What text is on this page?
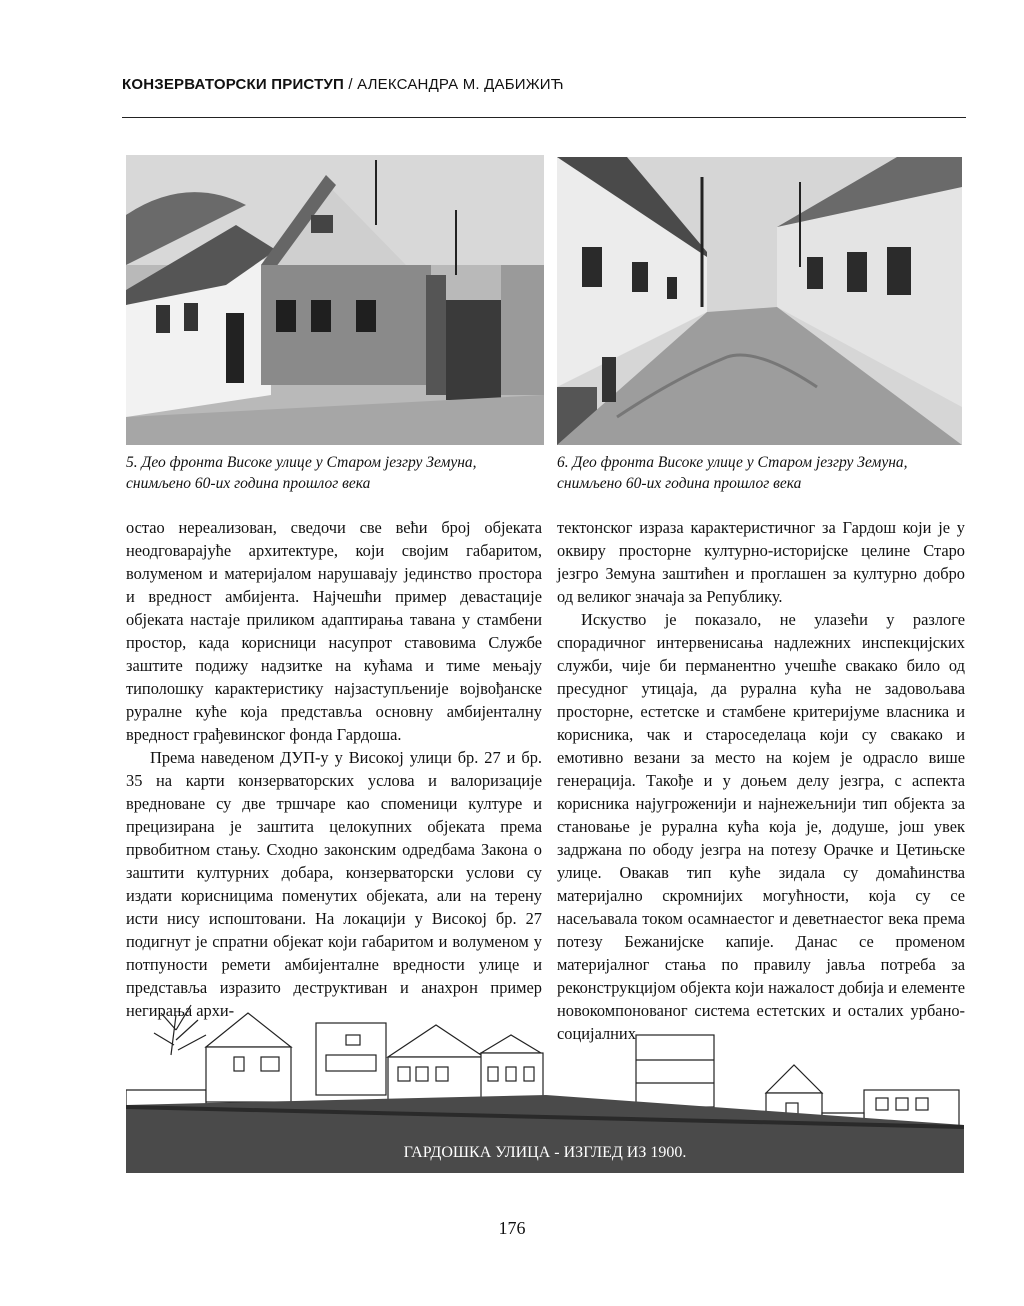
КОНЗЕРВАТОРСКИ ПРИСТУП / АЛЕКСАНДРА М. ДАБИЖИЋ
5. Део фронта Високе улице у Старом језгру Земуна,
снимљено 60-их година прошлог века
6. Део фронта Високе улице у Старом језгру Земуна,
снимљено 60-их година прошлог века

остао нереализован, сведочи све већи број објеката неодговарајуће архитектуре, који својим габаритом, волуменом и материјалом нарушавају јединство простора и вредност амбијента. Најчешћи пример девастације објеката настаје приликом адаптирања тавана у стамбени простор, када корисници насупрот ставовима Службе заштите подижу надзитке на кућама и тиме мењају типолошку карактеристику најзаступљеније војвођанске руралне куће која представља основну амбијенталну вредност грађевинског фонда Гардоша.

Према наведеном ДУП-у у Високој улици бр. 27 и бр. 35 на карти конзерваторских услова и валоризације вредноване су две тршчаре као споменици културе и прецизирана је заштита целокупних објеката према првобитном стању. Сходно законским одредбама Закона о заштити културних добара, конзерваторски услови су издати корисницима поменутих објеката, али на терену исти нису испоштовани. На локацији у Високој бр. 27 подигнут је спратни објекат који габаритом и волуменом у потпуности ремети амбијенталне вредности улице и представља изразито деструктиван и анахрон пример негирања архи-

тектонског израза карактеристичног за Гардош који је у оквиру просторне културно-историјске целине Старо језгро Земуна заштићен и проглашен за културно добро од великог значаја за Републику.

Искуство је показало, не улазећи у разлоге спорадичног интервенисања надлежних инспекцијских служби, чије би перманентно учешће свакако било од пресудног утицаја, да рурална кућа не задовољава просторне, естетске и стамбене критеријуме власника и корисника, чак и староседелаца који су свакако и емотивно везани за место на којем је одрасло више генерација. Такође и у доњем делу језгра, с аспекта корисника најугроженији и најнежељнији тип објекта за становање је рурална кућа која је, додуше, још увек задржана по ободу језгра на потезу Орачке и Цетињске улице. Овакав тип куће зидала су домаћинства материјално скромнијих могућности, која су се насељавала током осамнаестог и деветнаестог века према потезу Бежанијске капије. Данас се променом материјалног стања по правилу јавља потреба за реконструкцијом објекта који нажалост добија и елементе новокомпонованог система естетских и осталих урбано-социјалних

ГАРДОШКА УЛИЦА - ИЗГЛЕД ИЗ 1900.
176
